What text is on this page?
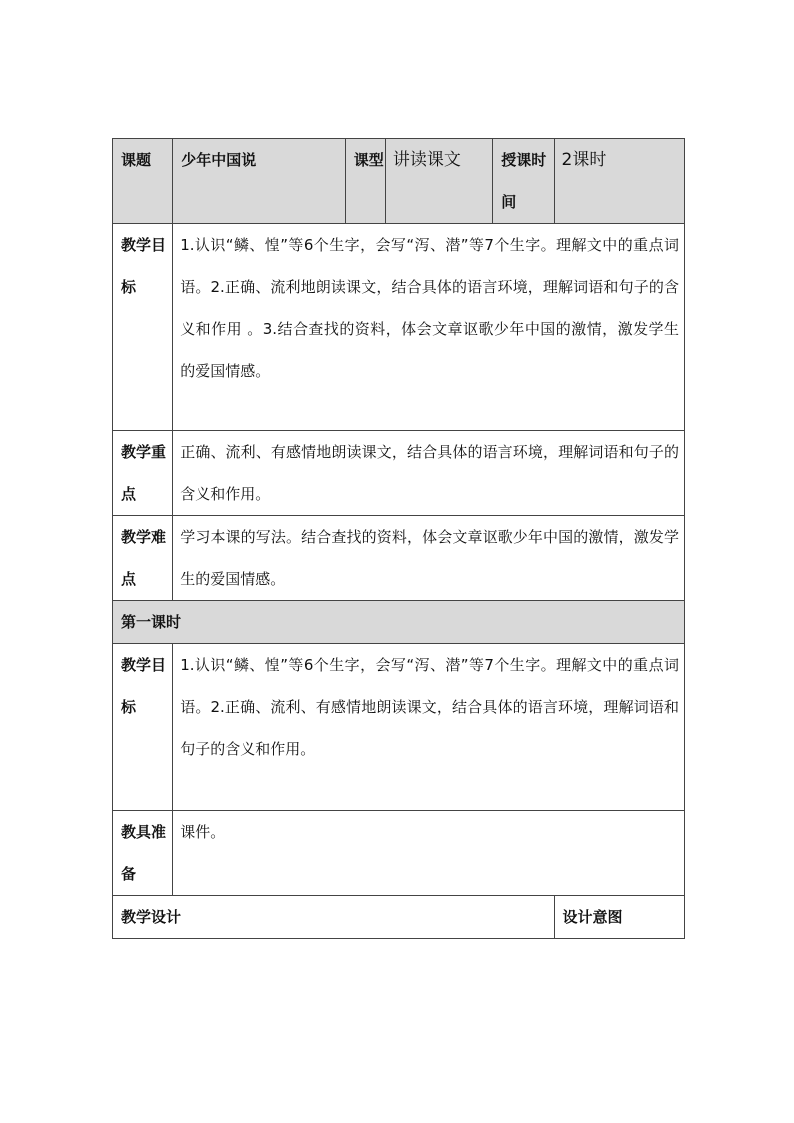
课题	少年中国说	课型	讲读课文	授课时间	2课时
教学目标	1.认识“鳞、惶”等6个生字，会写“泻、潜”等7个生字。理解文中的重点词语。2.正确、流利地朗读课文，结合具体的语言环境，理解词语和句子的含义和作用 。3.结合查找的资料，体会文章讴歌少年中国的激情，激发学生的爱国情感。				
教学重点	正确、流利、有感情地朗读课文，结合具体的语言环境，理解词语和句子的含义和作用。				
教学难点	学习本课的写法。结合查找的资料，体会文章讴歌少年中国的激情，激发学生的爱国情感。				
第一课时					
教学目标	1.认识“鳞、惶”等6个生字，会写“泻、潜”等7个生字。理解文中的重点词语。2.正确、流利、有感情地朗读课文，结合具体的语言环境，理解词语和句子的含义和作用。				
教具准备	课件。				
教学设计					设计意图
